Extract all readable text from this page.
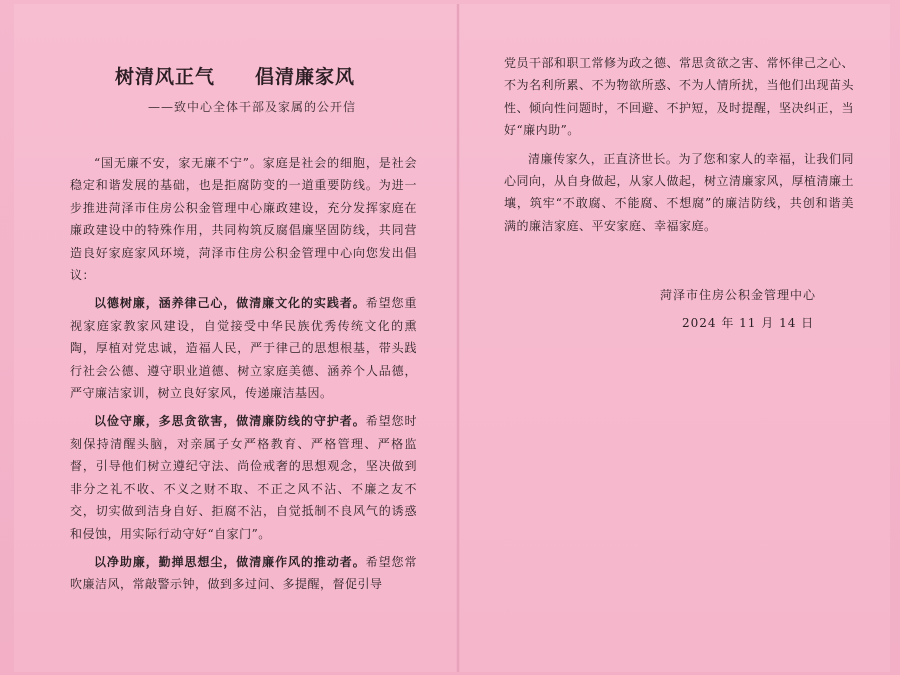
树清风正气　　倡清廉家风
——致中心全体干部及家属的公开信

“国无廉不安，家无廉不宁”。家庭是社会的细胞，是社会稳定和谐发展的基础，也是拒腐防变的一道重要防线。为进一步推进菏泽市住房公积金管理中心廉政建设，充分发挥家庭在廉政建设中的特殊作用，共同构筑反腐倡廉坚固防线，共同营造良好家庭家风环境，菏泽市住房公积金管理中心向您发出倡议：

以德树廉，涵养律己心，做清廉文化的实践者。希望您重视家庭家教家风建设，自觉接受中华民族优秀传统文化的熏陶，厚植对党忠诚，造福人民，严于律己的思想根基，带头践行社会公德、遵守职业道德、树立家庭美德、涵养个人品德，严守廉洁家训，树立良好家风，传递廉洁基因。

以俭守廉，多思贪欲害，做清廉防线的守护者。希望您时刻保持清醒头脑，对亲属子女严格教育、严格管理、严格监督，引导他们树立遵纪守法、尚俭戒奢的思想观念，坚决做到非分之礼不收、不义之财不取、不正之风不沾、不廉之友不交，切实做到洁身自好、拒腐不沾，自觉抵制不良风气的诱惑和侵蚀，用实际行动守好“自家门”。

以净助廉，勤掸思想尘，做清廉作风的推动者。希望您常吹廉洁风，常敲警示钟，做到多过问、多提醒，督促引导

党员干部和职工常修为政之德、常思贪欲之害、常怀律己之心、不为名利所累、不为物欲所惑、不为人情所扰，当他们出现苗头性、倾向性问题时，不回避、不护短，及时提醒，坚决纠正，当好“廉内助”。

清廉传家久，正直济世长。为了您和家人的幸福，让我们同心同向，从自身做起，从家人做起，树立清廉家风，厚植清廉土壤，筑牢“不敢腐、不能腐、不想腐”的廉洁防线，共创和谐美满的廉洁家庭、平安家庭、幸福家庭。

菏泽市住房公积金管理中心
2024 年 11 月 14 日
